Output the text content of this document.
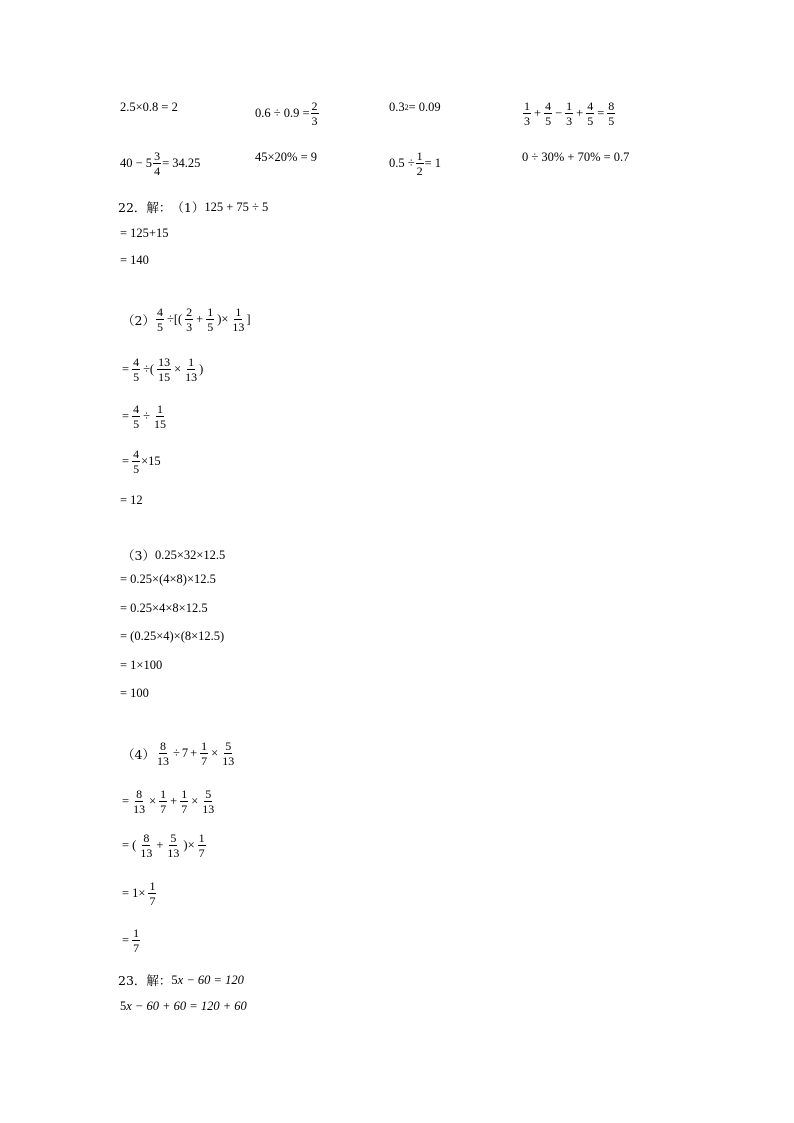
2.5×0.8 = 2	$0.6 \div 0.9 = \frac{2}{3}$	0.3 2 = 0.09	$\frac{1}{3} + \frac{4}{5} - \frac{1}{3} + \frac{4}{5} = \frac{8}{5}$
$40 - 5 \frac{3}{4} = 34.25$	45×20% = 9	$0.5 \div \frac{1}{2} = 1$	0 ÷ 30% + 70% = 0.7
22．解： （1） 125 + 75 ÷ 5
= 125+15
= 140
$(2) \frac{4}{5}$ ÷[( $\frac{2}{3} + \frac{1}{5}$ )× $\frac{1}{13}$ ]
= $\frac{4}{5}$ ÷( $\frac{13}{15} \times \frac{1}{13}$ )
= $\frac{4}{5} \div \frac{1}{15}$
= $\frac{4}{5} \times 15$
= 12
（3） 0.25×32×12.5
= 0.25×(4×8)×12.5
= 0.25×4×8×12.5
= (0.25×4)×(8×12.5)
= 1×100
= 100
$(4) \frac{8}{13} \div 7 + \frac{1}{7} \times \frac{5}{13}$
= $\frac{8}{13} \times \frac{1}{7} + \frac{1}{7} \times \frac{5}{13}$
= ( $\frac{8}{13} + \frac{5}{13}$ )× $\frac{1}{7}$
= $1\times \frac{1}{7}$
= $\frac{1}{7}$
23．解： 5 x − 60 = 120
5 x − 60 + 60 = 120 + 60
